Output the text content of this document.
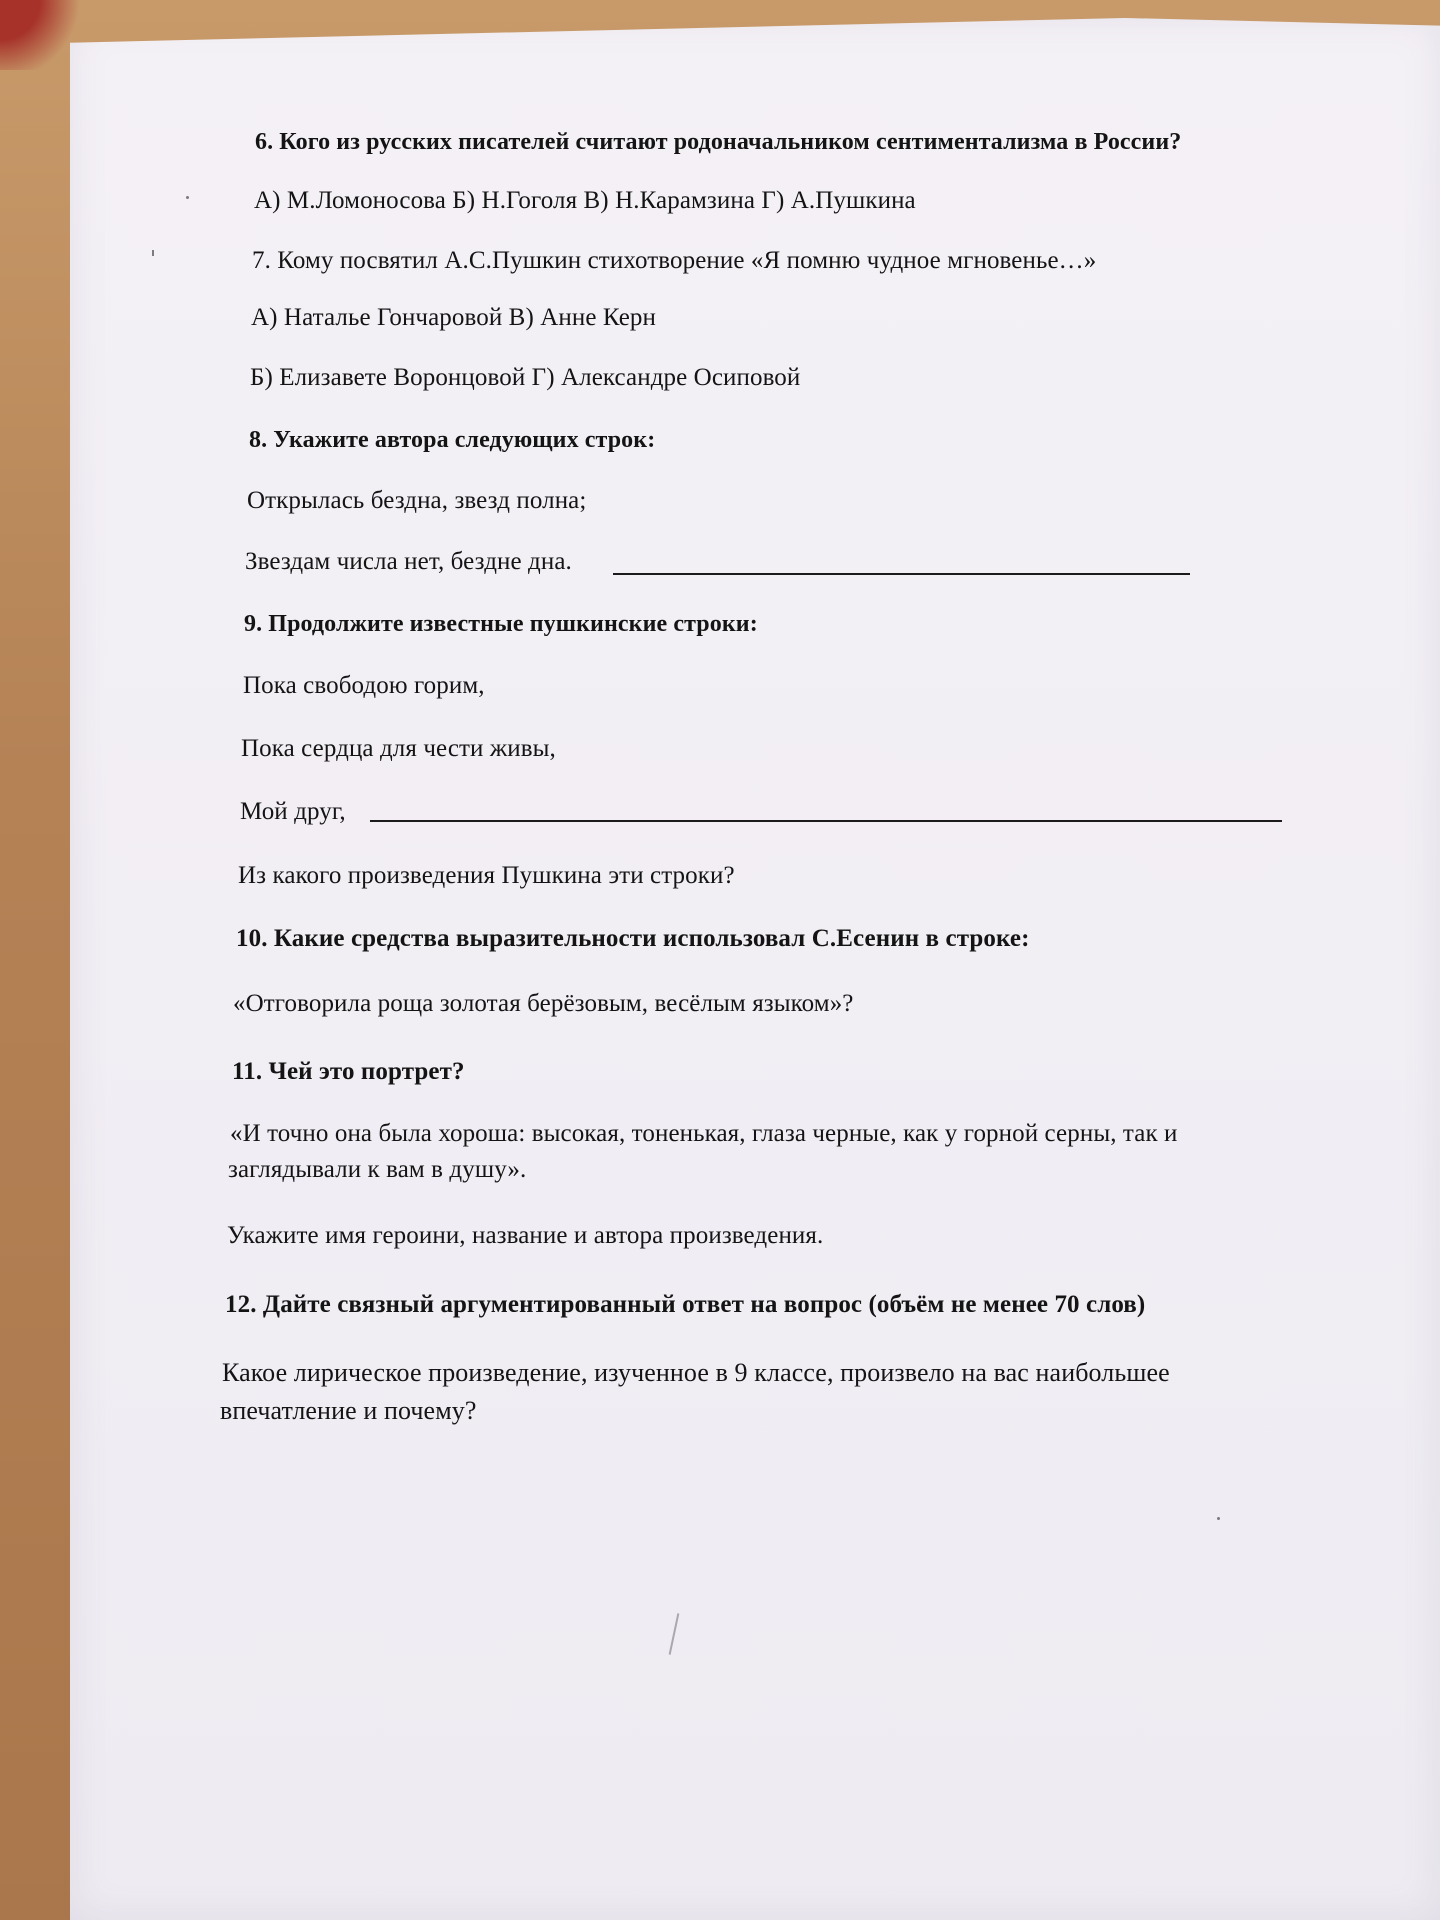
6. Кого из русских писателей считают родоначальником сентиментализма в России?
А) М.Ломоносова Б) Н.Гоголя В) Н.Карамзина Г) А.Пушкина
7. Кому посвятил А.С.Пушкин стихотворение «Я помню чудное мгновенье…»
А) Наталье Гончаровой В) Анне Керн
Б) Елизавете Воронцовой Г) Александре Осиповой
8. Укажите автора следующих строк:
Открылась бездна, звезд полна;
Звездам числа нет, бездне дна.
9. Продолжите известные пушкинские строки:
Пока свободою горим,
Пока сердца для чести живы,
Мой друг,
Из какого произведения Пушкина эти строки?
10. Какие средства выразительности использовал С.Есенин в строке:
«Отговорила роща золотая берёзовым, весёлым языком»?
11. Чей это портрет?
«И точно она была хороша: высокая, тоненькая, глаза черные, как у горной серны, так и
заглядывали к вам в душу».
Укажите имя героини, название и автора произведения.
12. Дайте связный аргументированный ответ на вопрос (объём не менее 70 слов)
Какое лирическое произведение, изученное в 9 классе, произвело на вас наибольшее
впечатление и почему?
